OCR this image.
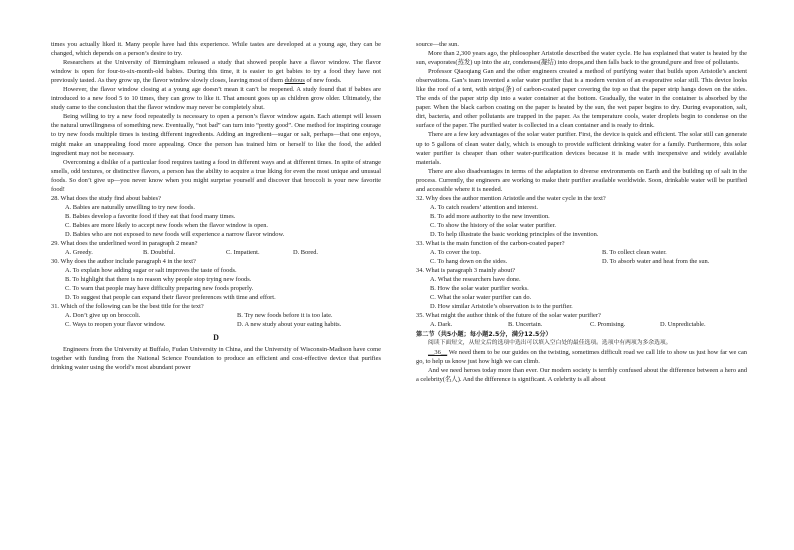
times you actually liked it. Many people have had this experience. While tastes are developed at a young age, they can be changed, which depends on a person’s desire to try.

Researchers at the University of Birmingham released a study that showed people have a flavor window. The flavor window is open for four-to-six-month-old babies. During this time, it is easier to get babies to try a food they have not previously tasted. As they grow up, the flavor window slowly closes, leaving most of them dubious of new foods.

However, the flavor window closing at a young age doesn’t mean it can’t be reopened. A study found that if babies are introduced to a new food 5 to 10 times, they can grow to like it. That amount goes up as children grow older. Ultimately, the study came to the conclusion that the flavor window may never be completely shut.

Being willing to try a new food repeatedly is necessary to open a person’s flavor window again. Each attempt will lessen the natural unwillingness of something new. Eventually, “not bad” can turn into “pretty good”. One method for inspiring courage to try new foods multiple times is testing different ingredients. Adding an ingredient—sugar or salt, perhaps—that one enjoys, might make an unappealing food more appealing. Once the person has trained him or herself to like the food, the added ingredient may not be necessary.

Overcoming a dislike of a particular food requires tasting a food in different ways and at different times. In spite of strange smells, odd textures, or distinctive flavors, a person has the ability to acquire a true liking for even the most unique and unusual foods. So don’t give up—you never know when you might surprise yourself and discover that broccoli is your new favorite food!

28. What does the study find about babies?

A. Babies are naturally unwilling to try new foods.

B. Babies develop a favorite food if they eat that food many times.

C. Babies are more likely to accept new foods when the flavor window is open.

D. Babies who are not exposed to new foods will experience a narrow flavor window.

29. What does the underlined word in paragraph 2 mean?

A. Greedy.	B. Doubtful.	C. Impatient.	D. Bored.

30. Why does the author include paragraph 4 in the text?

A. To explain how adding sugar or salt improves the taste of foods.

B. To highlight that there is no reason why people stop trying new foods.

C. To warn that people may have difficulty preparing new foods properly.

D. To suggest that people can expand their flavor preferences with time and effort.

31. Which of the following can be the best title for the text?

A. Don’t give up on broccoli.	B. Try new foods before it is too late.
C. Ways to reopen your flavor window.	D. A new study about your eating habits.
D

Engineers from the University at Buffalo, Fudan University in China, and the University of Wisconsin-Madison have come together with funding from the National Science Foundation to produce an efficient and cost-effective device that purifies drinking water using the world’s most abundant power

source—the sun.

More than 2,300 years ago, the philosopher Aristotle described the water cycle. He has explained that water is heated by the sun, evaporates(蒸发) up into the air, condenses(凝结) into drops,and then falls back to the ground,pure and free of pollutants.

Professor Qiaoqiang Gan and the other engineers created a method of purifying water that builds upon Aristotle’s ancient observations. Gan’s team invented a solar water purifier that is a modern version of an evaporative solar still. This device looks like the roof of a tent, with strips(条) of carbon-coated paper covering the top so that the paper strip hangs down on the sides. The ends of the paper strip dip into a water container at the bottom. Gradually, the water in the container is absorbed by the paper. When the black carbon coating on the paper is heated by the sun, the wet paper begins to dry. During evaporation, salt, dirt, bacteria, and other pollutants are trapped in the paper. As the temperature cools, water droplets begin to condense on the surface of the paper. The purified water is collected in a clean container and is ready to drink.

There are a few key advantages of the solar water purifier. First, the device is quick and efficient. The solar still can generate up to 5 gallons of clean water daily, which is enough to provide sufficient drinking water for a family. Furthermore, this solar water purifier is cheaper than other water-purification devices because it is made with inexpensive and widely available materials.

There are also disadvantages in terms of the adaptation to diverse environments on Earth and the building up of salt in the process. Currently, the engineers are working to make their purifier available worldwide. Soon, drinkable water will be purified and accessible where it is needed.

32. Why does the author mention Aristotle and the water cycle in the text?

A. To catch readers’ attention and interest.

B. To add more authority to the new invention.

C. To show the history of the solar water purifier.

D. To help illustrate the basic working principles of the invention.

33. What is the main function of the carbon-coated paper?

A. To cover the top.	B. To collect clean water.
C. To hang down on the sides.	D. To absorb water and heat from the sun.

34. What is paragraph 3 mainly about?

A. What the researchers have done.

B. How the solar water purifier works.

C. What the solar water purifier can do.

D. How similar Aristotle’s observation is to the purifier.

35. What might the author think of the future of the solar water purifier?

A. Dark.	B. Uncertain.	C. Promising.	D. Unpredictable.

第二节（共5小题；每小题2.5分，满分12.5分）

阅读下面短文，从短文后的选项中选出可以填入空白处的最佳选项。选项中有两项为多余选项。

__36__ We need them to be our guides on the twisting, sometimes difficult road we call life to show us just how far we can go, to help us know just how high we can climb.

And we need heroes today more than ever. Our modern society is terribly confused about the difference between a hero and a celebrity(名人). And the difference is significant. A celebrity is all about
